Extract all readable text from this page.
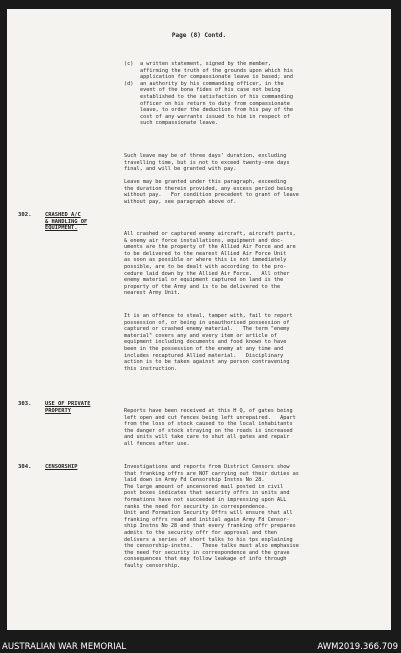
Page (8) Contd.
(c)	a written statement, signed by the member,
affirming the truth of the grounds upon which his
application for compassionate leave is based; and
(d)	an authority by his commanding officer, in the
event of the bona fides of his case not being
established to the satisfaction of his commanding
officer on his return to duty from compassionate
leave, to order the deduction from his pay of the
cost of any warrants issued to him in respect of
such compassionate leave.

Such leave may be of three days' duration, excluding
travelling time, but is not to exceed twenty-one days
final, and will be granted with pay.

Leave may be granted under this paragraph, exceeding
the duration therein provided, any excess period being
without pay.   For condition precedent to grant of leave
without pay, see paragraph above of.

302.	CRASHED A/C
& HANDLING OF
EQUIPMENT.

All crashed or captured enemy aircraft, aircraft parts,
& enemy air force installations, equipment and doc-
uments are the property of the Allied Air Force and are
to be delivered to the nearest Allied Air Force Unit
as soon as possible or where this is not immediately
possible, are to be dealt with according to the pro-
cedure laid down by the Allied Air Force.   All other
enemy material or equipment captured on land is the
property of the Army and is to be delivered to the
nearest Army Unit.

It is an offence to steal, tamper with, fail to report
possession of, or being in unauthorised possession of
captured or crashed enemy material.   The term "enemy
material" covers any and every item or article of
equipment including documents and food known to have
been in the possession of the enemy at any time and
includes recaptured Allied material.   Disciplinary
action is to be taken against any person contravening
this instruction.

303.	USE OF PRIVATE
PROPERTY	Reports have been received at this H Q, of gates being
left open and cut fences being left unrepaired.   Apart
from the loss of stock caused to the local inhabitants
the danger of stock straying on the roads is increased
and units will take care to shut all gates and repair
all fences after use.

304.	CENSORSHIP	Investigations and reports from District Censors show
that franking offrs are NOT carrying out their duties as
laid down in Army Fd Censorship Instns No 28.
The large amount of uncensored mail posted in civil
post boxes indicates that security offrs in units and
formations have not succeeded in impressing upon ALL
ranks the need for security in correspondence.
Unit and Formation Security Offrs will ensure that all
franking offrs read and initial again Army Fd Censor-
ship Instns No 28 and that every franking offr prepares
admits to the security offr for approval and then
delivers a series of short talks to his tps explaining
the censorship-instns.   These talks must also emphasise
the need for security in correspondence and the grave
consequences that may follow leakage of info through
faulty censorship.

AUSTRALIAN WAR MEMORIAL	AWM2019.366.709
